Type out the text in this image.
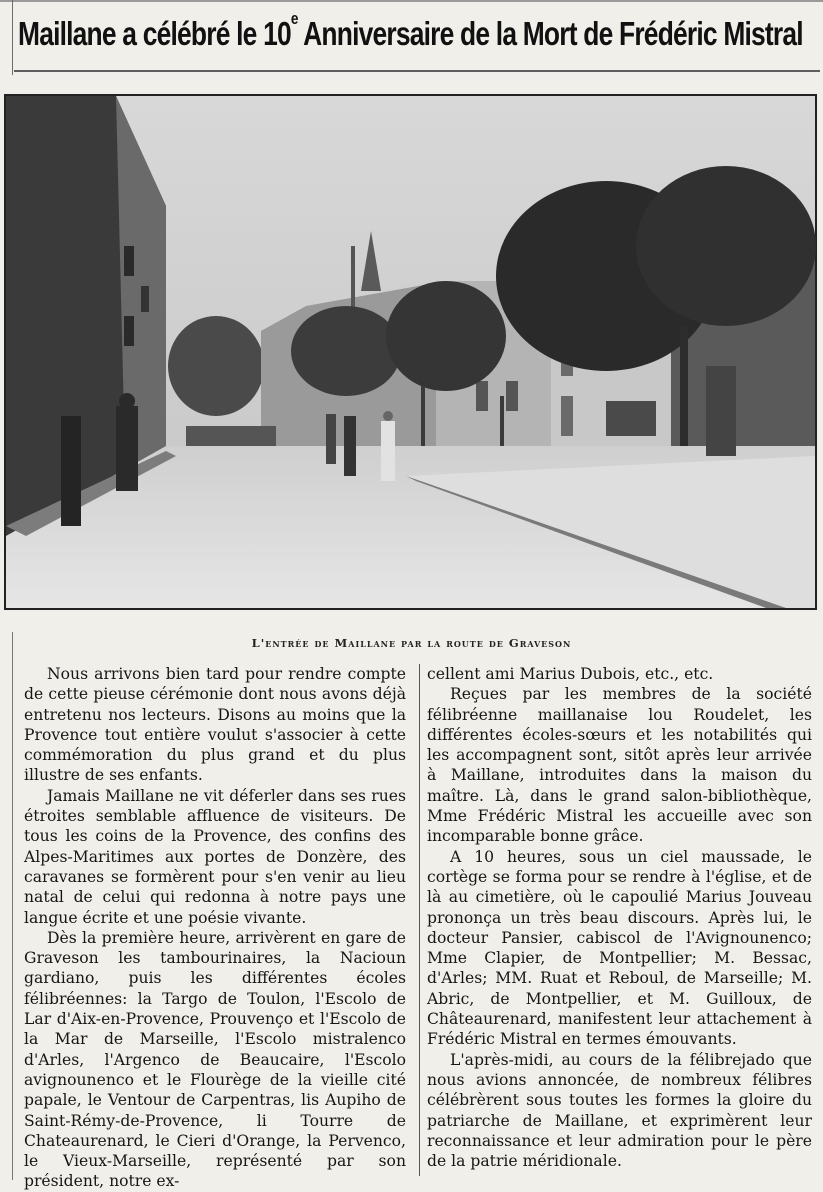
Maillane a célébré le 10e Anniversaire de la Mort de Frédéric Mistral
L'entrée de Maillane par la route de Graveson

Nous arrivons bien tard pour rendre compte de cette pieuse cérémonie dont nous avons déjà entretenu nos lecteurs. Disons au moins que la Provence tout entière voulut s'associer à cette commémoration du plus grand et du plus illustre de ses enfants.

Jamais Maillane ne vit déferler dans ses rues étroites semblable affluence de visiteurs. De tous les coins de la Provence, des confins des Alpes-Maritimes aux portes de Donzère, des caravanes se formèrent pour s'en venir au lieu natal de celui qui redonna à notre pays une langue écrite et une poésie vivante.

Dès la première heure, arrivèrent en gare de Graveson les tambourinaires, la Nacioun gardiano, puis les différentes écoles félibréennes: la Targo de Toulon, l'Escolo de Lar d'Aix-en-Provence, Prouvenço et l'Escolo de la Mar de Marseille, l'Escolo mistralenco d'Arles, l'Argenco de Beaucaire, l'Escolo avignounenco et le Flourège de la vieille cité papale, le Ventour de Carpentras, lis Aupiho de Saint-Rémy-de-Provence, li Tourre de Chateaurenard, le Cieri d'Orange, la Pervenco, le Vieux-Marseille, représenté par son président, notre ex-

cellent ami Marius Dubois, etc., etc.

Reçues par les membres de la société félibréenne maillanaise lou Roudelet, les différentes écoles-sœurs et les notabilités qui les accompagnent sont, sitôt après leur arrivée à Maillane, introduites dans la maison du maître. Là, dans le grand salon-bibliothèque, Mme Frédéric Mistral les accueille avec son incomparable bonne grâce.

A 10 heures, sous un ciel maussade, le cortège se forma pour se rendre à l'église, et de là au cimetière, où le capoulié Marius Jouveau prononça un très beau discours. Après lui, le docteur Pansier, cabiscol de l'Avignounenco; Mme Clapier, de Montpellier; M. Bessac, d'Arles; MM. Ruat et Reboul, de Marseille; M. Abric, de Montpellier, et M. Guilloux, de Châteaurenard, manifestent leur attachement à Frédéric Mistral en termes émouvants.

L'après-midi, au cours de la félibrejado que nous avions annoncée, de nombreux félibres célébrèrent sous toutes les formes la gloire du patriarche de Maillane, et exprimèrent leur reconnaissance et leur admiration pour le père de la patrie méridionale.
